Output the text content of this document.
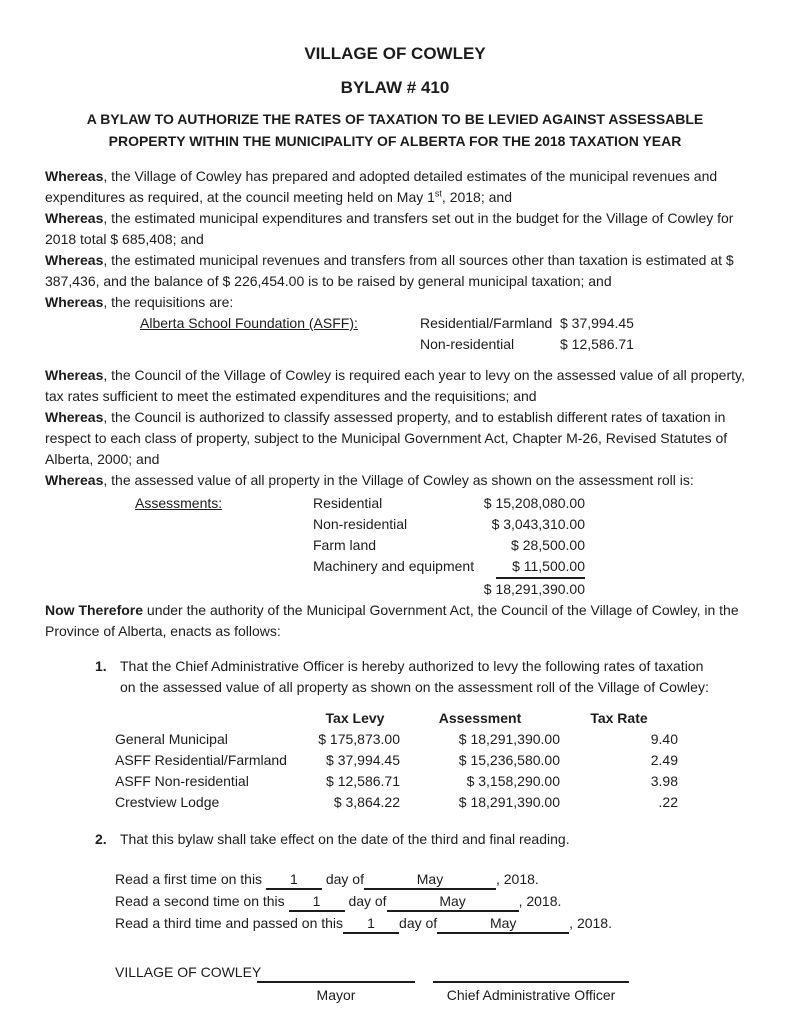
VILLAGE OF COWLEY
BYLAW # 410
A BYLAW TO AUTHORIZE THE RATES OF TAXATION TO BE LEVIED AGAINST ASSESSABLE PROPERTY WITHIN THE MUNICIPALITY OF ALBERTA FOR THE 2018 TAXATION YEAR

Whereas, the Village of Cowley has prepared and adopted detailed estimates of the municipal revenues and expenditures as required, at the council meeting held on May 1st, 2018; and

Whereas, the estimated municipal expenditures and transfers set out in the budget for the Village of Cowley for 2018 total $ 685,408; and

Whereas, the estimated municipal revenues and transfers from all sources other than taxation is estimated at $ 387,436, and the balance of $ 226,454.00 is to be raised by general municipal taxation; and

Whereas, the requisitions are:

Alberta School Foundation (ASFF):	Residential/Farmland $ 37,994.45
Non-residential	$ 12,586.71

Whereas, the Council of the Village of Cowley is required each year to levy on the assessed value of all property, tax rates sufficient to meet the estimated expenditures and the requisitions; and

Whereas, the Council is authorized to classify assessed property, and to establish different rates of taxation in respect to each class of property, subject to the Municipal Government Act, Chapter M-26, Revised Statutes of Alberta, 2000; and

Whereas, the assessed value of all property in the Village of Cowley as shown on the assessment roll is:

Assessments:	Residential	$ 15,208,080.00
Non-residential	$ 3,043,310.00
Farm land	$ 28,500.00
Machinery and equipment	$ 11,500.00
$ 18,291,390.00

Now Therefore under the authority of the Municipal Government Act, the Council of the Village of Cowley, in the Province of Alberta, enacts as follows:

1. That the Chief Administrative Officer is hereby authorized to levy the following rates of taxation on the assessed value of all property as shown on the assessment roll of the Village of Cowley:
Tax Levy	Assessment	Tax Rate
General Municipal	$ 175,873.00	$ 18,291,390.00	9.40
ASFF Residential/Farmland	$ 37,994.45	$ 15,236,580.00	2.49
ASFF Non-residential	$ 12,586.71	$ 3,158,290.00	3.98
Crestview Lodge	$ 3,864.22	$ 18,291,390.00	.22
2. That this bylaw shall take effect on the date of the third and final reading.
Read a first time on this 1 day of	May	, 2018.
Read a second time on this 1 day of	May	, 2018.
Read a third time and passed on this 1 day of	May	, 2018.
VILLAGE OF COWLEY
Mayor	Chief Administrative Officer
